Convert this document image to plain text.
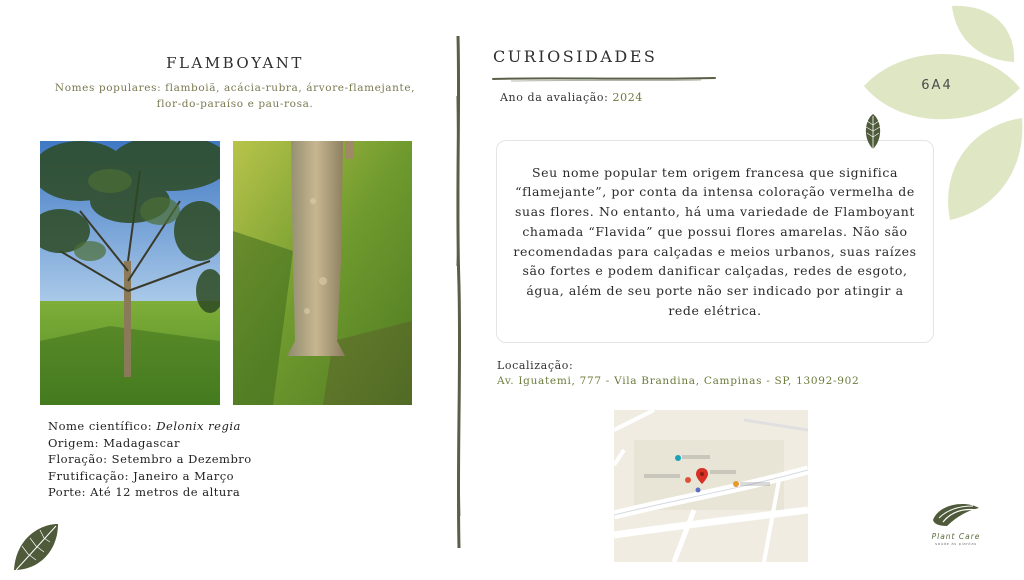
FLAMBOYANT
Nomes populares: flamboiã, acácia-rubra, árvore-flamejante, flor-do-paraíso e pau-rosa.
Nome científico: Delonix regia
Origem: Madagascar
Floração: Setembro a Dezembro
Frutificação: Janeiro a Março
Porte: Até 12 metros de altura
CURIOSIDADES
Ano da avaliação: 2024
Seu nome popular tem origem francesa que significa “flamejante”, por conta da intensa coloração vermelha de suas flores. No entanto, há uma variedade de Flamboyant chamada “Flavida” que possui flores amarelas. Não são recomendadas para calçadas e meios urbanos, suas raízes são fortes e podem danificar calçadas, redes de esgoto, água, além de seu porte não ser indicado por atingir a rede elétrica.
Localização:
Av. Iguatemi, 777 - Vila Brandina, Campinas - SP, 13092-902
6A4
Plant Care
saúde às plantas
